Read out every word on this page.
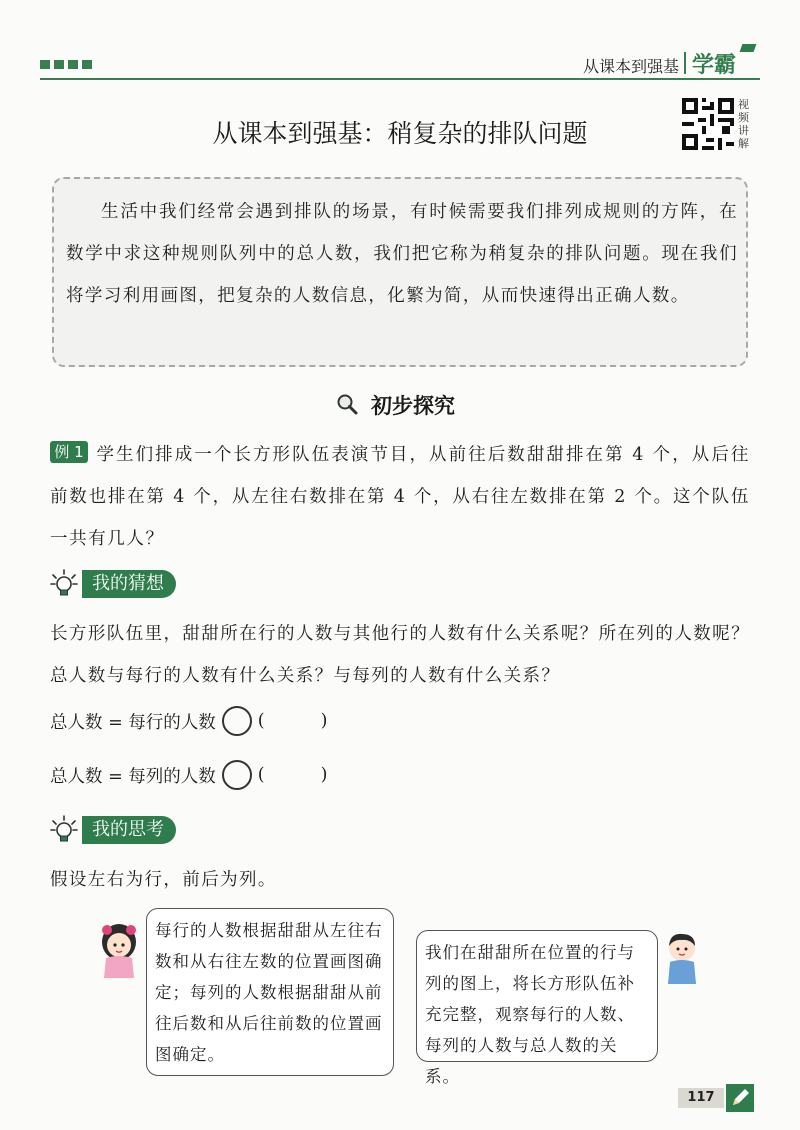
从课本到强基 学霸
从课本到强基：稍复杂的排队问题
视频讲解
生活中我们经常会遇到排队的场景，有时候需要我们排列成规则的方阵，在数学中求这种规则队列中的总人数，我们把它称为稍复杂的排队问题。现在我们将学习利用画图，把复杂的人数信息，化繁为简，从而快速得出正确人数。
初步探究
例 1 学生们排成一个长方形队伍表演节目，从前往后数甜甜排在第 4 个，从后往前数也排在第 4 个，从左往右数排在第 4 个，从右往左数排在第 2 个。这个队伍一共有几人？
我的猜想
长方形队伍里，甜甜所在行的人数与其他行的人数有什么关系呢？所在列的人数呢？总人数与每行的人数有什么关系？与每列的人数有什么关系？
总人数 = 每行的人数 (	)
总人数 = 每列的人数 (	)
我的思考
假设左右为行，前后为列。
每行的人数根据甜甜从左往右数和从右往左数的位置画图确定；每列的人数根据甜甜从前往后数和从后往前数的位置画图确定。
我们在甜甜所在位置的行与列的图上，将长方形队伍补充完整，观察每行的人数、每列的人数与总人数的关系。
117
